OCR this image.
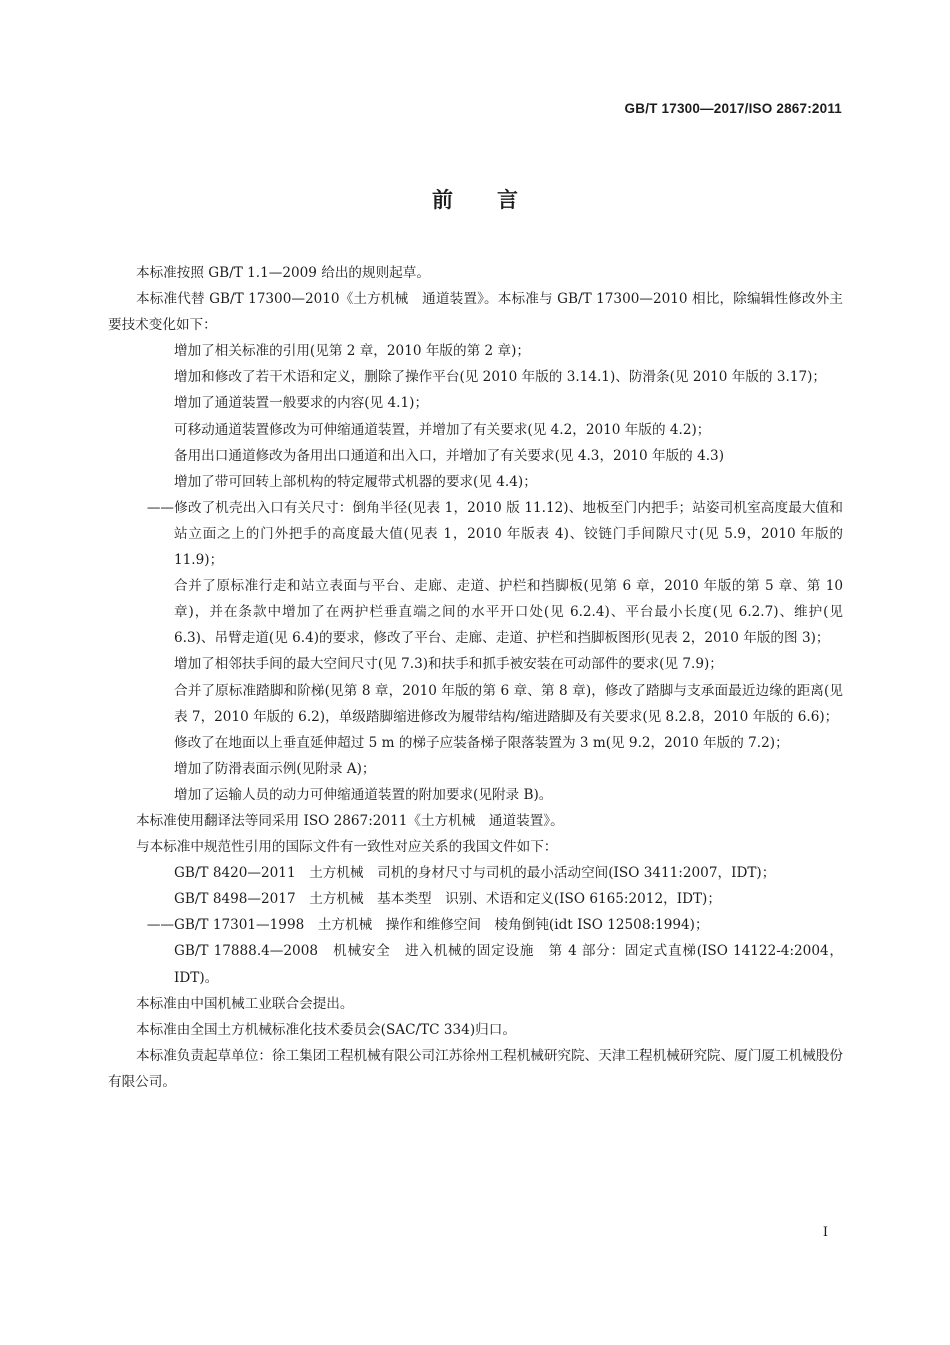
GB/T 17300—2017/ISO 2867:2011
前言

本标准按照 GB/T 1.1—2009 给出的规则起草。

本标准代替 GB/T 17300—2010《土方机械　通道装置》。本标准与 GB/T 17300—2010 相比，除编辑性修改外主要技术变化如下：

增加了相关标准的引用(见第 2 章，2010 年版的第 2 章)；

增加和修改了若干术语和定义，删除了操作平台(见 2010 年版的 3.14.1)、防滑条(见 2010 年版的 3.17)；

增加了通道装置一般要求的内容(见 4.1)；

可移动通道装置修改为可伸缩通道装置，并增加了有关要求(见 4.2，2010 年版的 4.2)；

备用出口通道修改为备用出口通道和出入口，并增加了有关要求(见 4.3，2010 年版的 4.3)

增加了带可回转上部机构的特定履带式机器的要求(见 4.4)；

—— 修改了机壳出入口有关尺寸：倒角半径(见表 1，2010 版 11.12)、地板至门内把手；站姿司机室高度最大值和站立面之上的门外把手的高度最大值(见表 1，2010 年版表 4)、铰链门手间隙尺寸(见 5.9，2010 年版的 11.9)；

合并了原标准行走和站立表面与平台、走廊、走道、护栏和挡脚板(见第 6 章，2010 年版的第 5 章、第 10 章)，并在条款中增加了在两护栏垂直端之间的水平开口处(见 6.2.4)、平台最小长度(见 6.2.7)、维护(见 6.3)、吊臂走道(见 6.4)的要求，修改了平台、走廊、走道、护栏和挡脚板图形(见表 2，2010 年版的图 3)；

增加了相邻扶手间的最大空间尺寸(见 7.3)和扶手和抓手被安装在可动部件的要求(见 7.9)；

合并了原标准踏脚和阶梯(见第 8 章，2010 年版的第 6 章、第 8 章)，修改了踏脚与支承面最近边缘的距离(见表 7，2010 年版的 6.2)，单级踏脚缩进修改为履带结构/缩进踏脚及有关要求(见 8.2.8，2010 年版的 6.6)；

修改了在地面以上垂直延伸超过 5 m 的梯子应装备梯子限落装置为 3 m(见 9.2，2010 年版的 7.2)；

增加了防滑表面示例(见附录 A)；

增加了运输人员的动力可伸缩通道装置的附加要求(见附录 B)。

本标准使用翻译法等同采用 ISO 2867:2011《土方机械　通道装置》。

与本标准中规范性引用的国际文件有一致性对应关系的我国文件如下：

GB/T 8420—2011　土方机械　司机的身材尺寸与司机的最小活动空间(ISO 3411:2007，IDT)；

GB/T 8498—2017　土方机械　基本类型　识别、术语和定义(ISO 6165:2012，IDT)；

—— GB/T 17301—1998　土方机械　操作和维修空间　棱角倒钝(idt ISO 12508:1994)；

GB/T 17888.4—2008　机械安全　进入机械的固定设施　第 4 部分：固定式直梯(ISO 14122-4:2004，IDT)。

本标准由中国机械工业联合会提出。

本标准由全国土方机械标准化技术委员会(SAC/TC 334)归口。

本标准负责起草单位：徐工集团工程机械有限公司江苏徐州工程机械研究院、天津工程机械研究院、厦门厦工机械股份有限公司。

I
